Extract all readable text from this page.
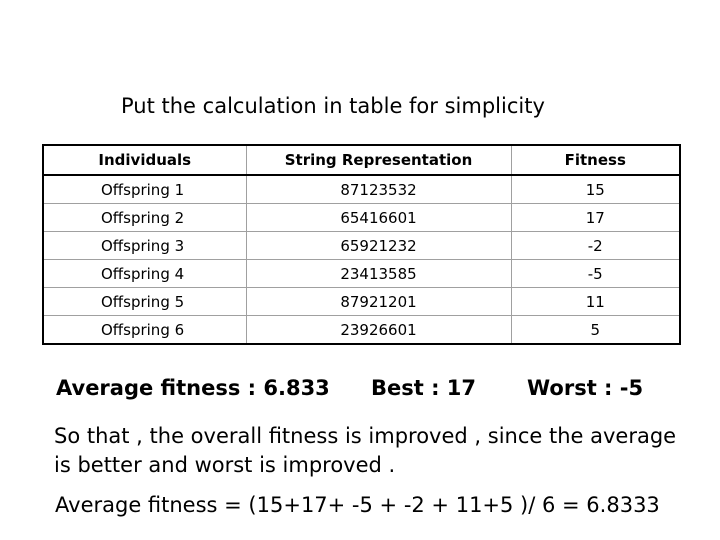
Put the calculation in table for simplicity
Individuals	String Representation	Fitness
Offspring 1	87123532	15
Offspring 2	65416601	17
Offspring 3	65921232	-2
Offspring 4	23413585	-5
Offspring 5	87921201	11
Offspring 6	23926601	5
Average fitness : 6.833 Best : 17 Worst : -5
So that , the overall fitness is improved , since the average is better and worst is improved .
Average fitness = (15+17+ -5 + -2 + 11+5 )/ 6 = 6.8333
